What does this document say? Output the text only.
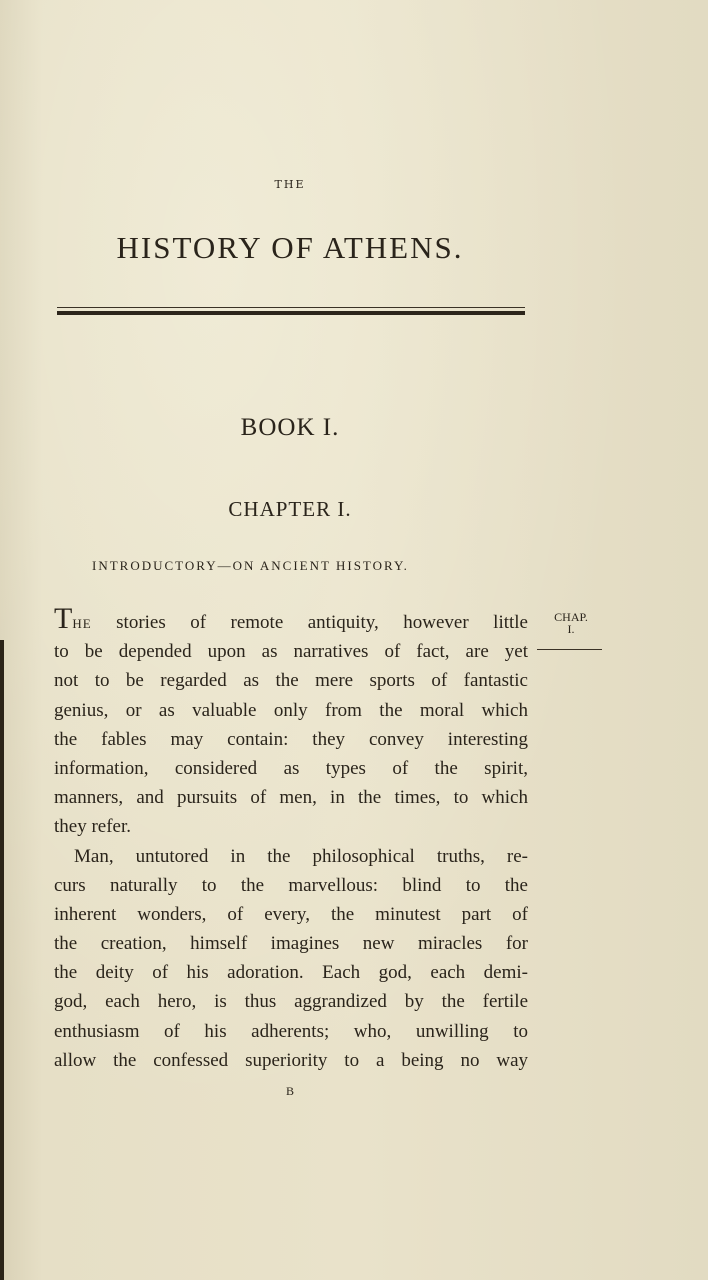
THE
HISTORY OF ATHENS.
BOOK I.
CHAPTER I.
INTRODUCTORY—ON ANCIENT HISTORY.
CHAP.
I.
THE stories of remote antiquity, however little
to be depended upon as narratives of fact, are yet
not to be regarded as the mere sports of fantastic
genius, or as valuable only from the moral which
the fables may contain: they convey interesting
information, considered as types of the spirit,
manners, and pursuits of men, in the times, to which
they refer.
Man, untutored in the philosophical truths, re-
curs naturally to the marvellous: blind to the
inherent wonders, of every, the minutest part of
the creation, himself imagines new miracles for
the deity of his adoration. Each god, each demi-
god, each hero, is thus aggrandized by the fertile
enthusiasm of his adherents; who, unwilling to
allow the confessed superiority to a being no way
B
